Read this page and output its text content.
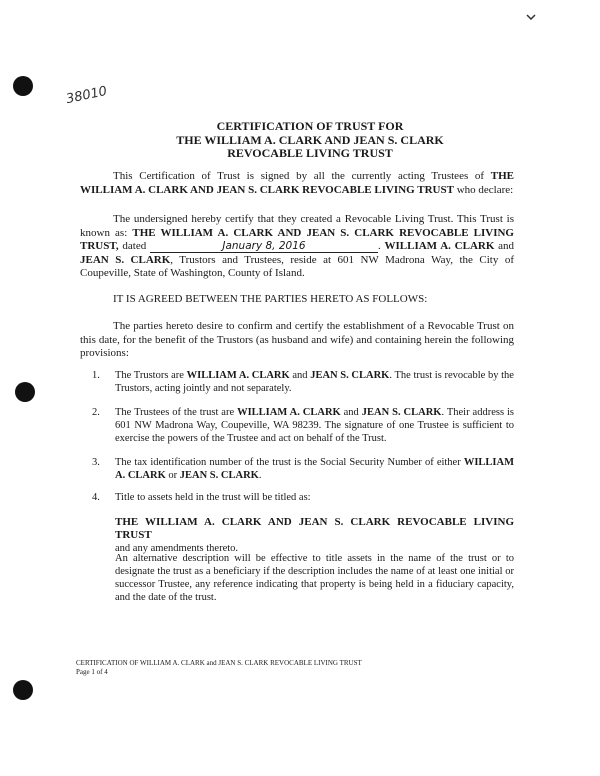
38010
CERTIFICATION OF TRUST FOR
THE WILLIAM A. CLARK AND JEAN S. CLARK
REVOCABLE LIVING TRUST
This Certification of Trust is signed by all the currently acting Trustees of THE WILLIAM A. CLARK AND JEAN S. CLARK REVOCABLE LIVING TRUST who declare:
The undersigned hereby certify that they created a Revocable Living Trust. This Trust is known as: THE WILLIAM A. CLARK AND JEAN S. CLARK REVOCABLE LIVING TRUST, dated	January 8, 2016	. WILLIAM A. CLARK and JEAN S. CLARK, Trustors and Trustees, reside at 601 NW Madrona Way, the City of Coupeville, State of Washington, County of Island.
IT IS AGREED BETWEEN THE PARTIES HERETO AS FOLLOWS:
The parties hereto desire to confirm and certify the establishment of a Revocable Trust on this date, for the benefit of the Trustors (as husband and wife) and containing herein the following provisions:
1.	The Trustors are WILLIAM A. CLARK and JEAN S. CLARK. The trust is revocable by the Trustors, acting jointly and not separately.
2.	The Trustees of the trust are WILLIAM A. CLARK and JEAN S. CLARK. Their address is 601 NW Madrona Way, Coupeville, WA 98239. The signature of one Trustee is sufficient to exercise the powers of the Trustee and act on behalf of the Trust.
3.	The tax identification number of the trust is the Social Security Number of either WILLIAM A. CLARK or JEAN S. CLARK.
4.	Title to assets held in the trust will be titled as:
THE WILLIAM A. CLARK AND JEAN S. CLARK REVOCABLE LIVING TRUST
and any amendments thereto.
An alternative description will be effective to title assets in the name of the trust or to designate the trust as a beneficiary if the description includes the name of at least one initial or successor Trustee, any reference indicating that property is being held in a fiduciary capacity, and the date of the trust.
CERTIFICATION OF WILLIAM A. CLARK and JEAN S. CLARK REVOCABLE LIVING TRUST
Page 1 of 4
